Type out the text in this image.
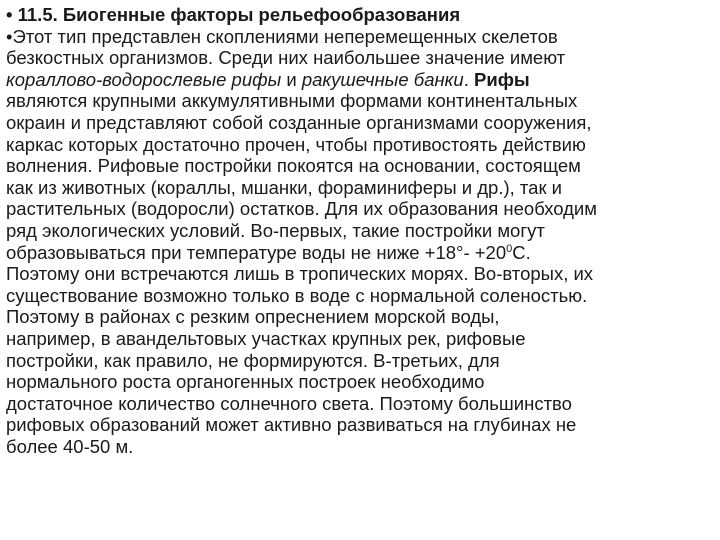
• 11.5. Биогенные факторы рельефообразования

•Этот тип представлен скоплениями неперемещенных скелетов

безкостных организмов. Среди них наибольшее значение имеют

кораллово-водорослевые рифы и ракушечные банки. Рифы

являются крупными аккумулятивными формами континентальных

окраин и представляют собой созданные организмами сооружения,

каркас которых достаточно прочен, чтобы противостоять действию

волнения. Рифовые постройки покоятся на основании, состоящем

как из животных (кораллы, мшанки, фораминиферы и др.), так и

растительных (водоросли) остатков. Для их образования необходим

ряд экологических условий. Во-первых, такие постройки могут

образовываться при температуре воды не ниже $+18^\circ- +20^0С$.

Поэтому они встречаются лишь в тропических морях. Во-вторых, их

существование возможно только в воде с нормальной соленостью.

Поэтому в районах с резким опреснением морской воды,

например, в авандельтовых участках крупных рек, рифовые

постройки, как правило, не формируются. В-третьих, для

нормального роста органогенных построек необходимо

достаточное количество солнечного света. Поэтому большинство

рифовых образований может активно развиваться на глубинах не

более 40-50 м.
